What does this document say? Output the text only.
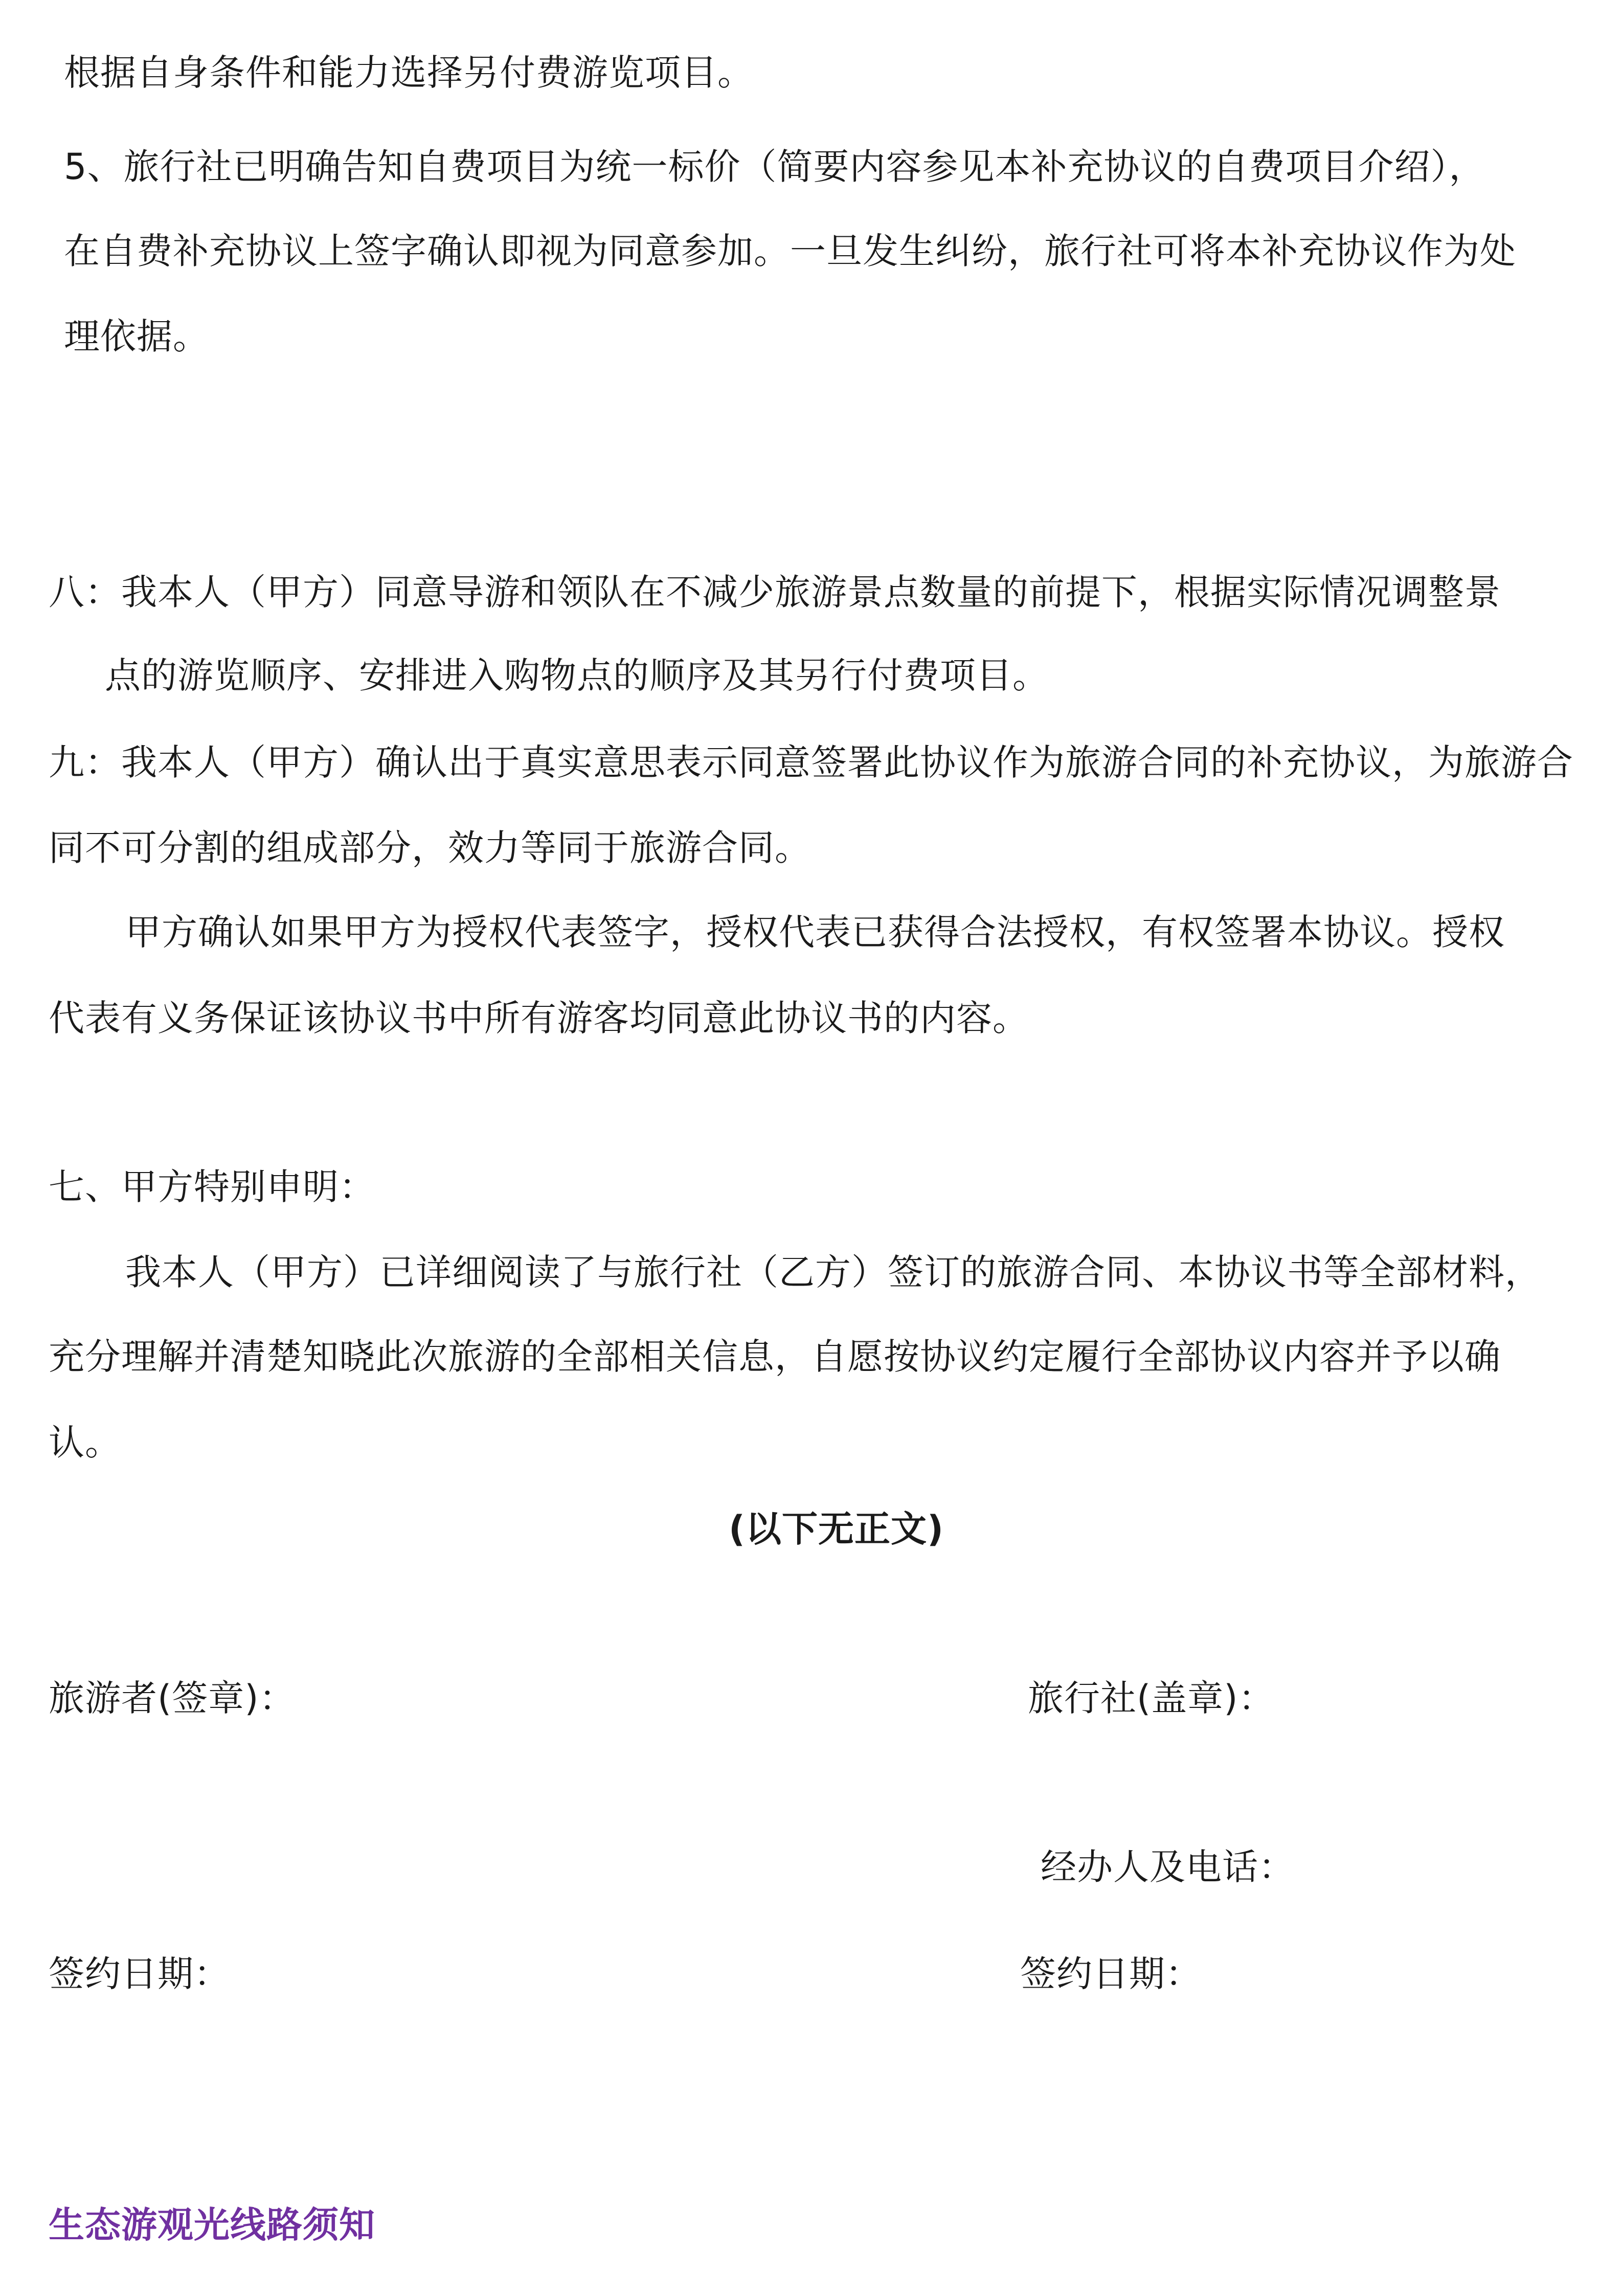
根据自身条件和能力选择另付费游览项目。
5、旅行社已明确告知自费项目为统一标价（简要内容参见本补充协议的自费项目介绍），
在自费补充协议上签字确认即视为同意参加。一旦发生纠纷，旅行社可将本补充协议作为处
理依据。
八：我本人（甲方）同意导游和领队在不减少旅游景点数量的前提下，根据实际情况调整景
点的游览顺序、安排进入购物点的顺序及其另行付费项目。
九：我本人（甲方）确认出于真实意思表示同意签署此协议作为旅游合同的补充协议，为旅游合
同不可分割的组成部分，效力等同于旅游合同。
甲方确认如果甲方为授权代表签字，授权代表已获得合法授权，有权签署本协议。授权
代表有义务保证该协议书中所有游客均同意此协议书的内容。
七、甲方特别申明：
我本人（甲方）已详细阅读了与旅行社（乙方）签订的旅游合同、本协议书等全部材料，
充分理解并清楚知晓此次旅游的全部相关信息，自愿按协议约定履行全部协议内容并予以确
认。
(以下无正文)
旅游者(签章)：	旅行社(盖章)：
经办人及电话：
签约日期：	签约日期：
生态游观光线路须知
